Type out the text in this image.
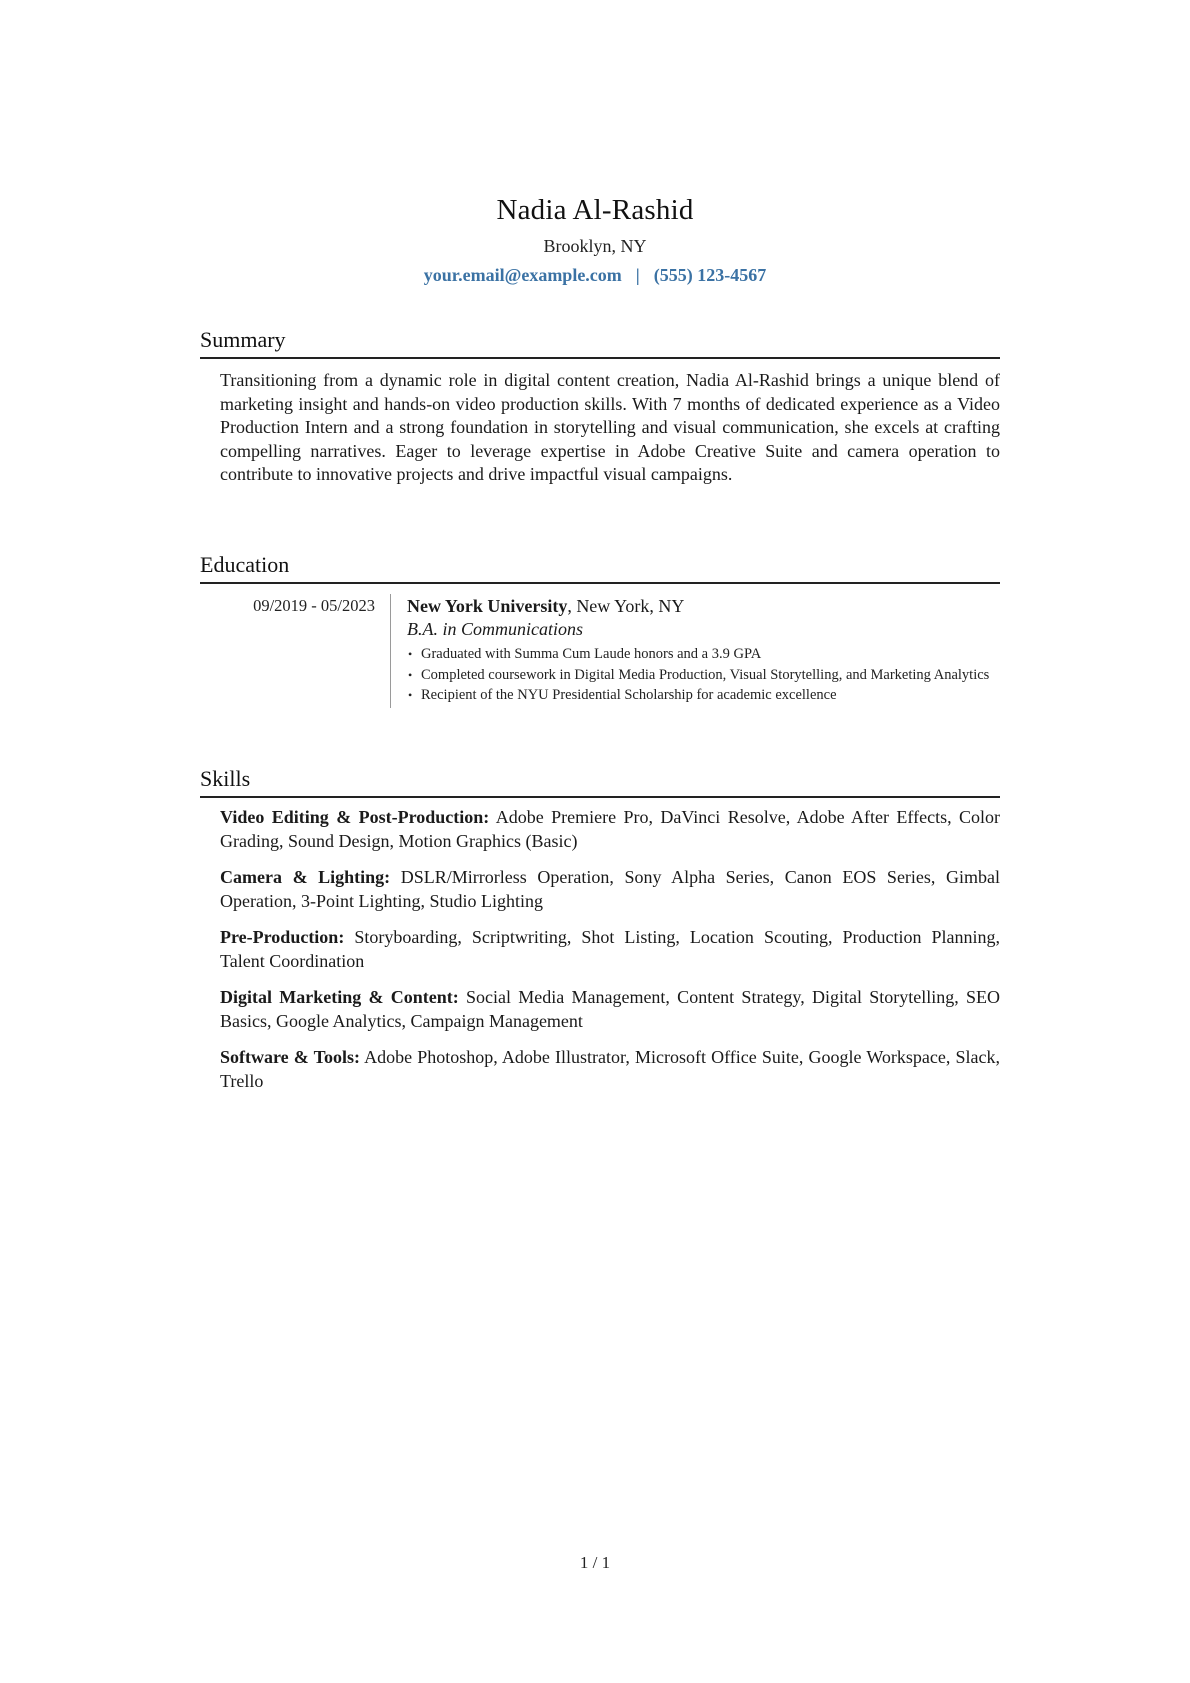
Nadia Al-Rashid
Brooklyn, NY
your.email@example.com | (555) 123-4567
Summary

Transitioning from a dynamic role in digital content creation, Nadia Al-Rashid brings a unique blend of marketing insight and hands-on video production skills. With 7 months of dedicated experience as a Video Production Intern and a strong foundation in storytelling and visual communication, she excels at crafting compelling narratives. Eager to leverage expertise in Adobe Creative Suite and camera operation to contribute to innovative projects and drive impactful visual campaigns.

Education
09/2019 - 05/2023	New York University, New York, NY
B.A. in Communications
• Graduated with Summa Cum Laude honors and a 3.9 GPA
• Completed coursework in Digital Media Production, Visual Storytelling, and Marketing Analytics
• Recipient of the NYU Presidential Scholarship for academic excellence
Skills

Video Editing & Post-Production: Adobe Premiere Pro, DaVinci Resolve, Adobe After Effects, Color Grading, Sound Design, Motion Graphics (Basic)

Camera & Lighting: DSLR/Mirrorless Operation, Sony Alpha Series, Canon EOS Series, Gimbal Operation, 3-Point Lighting, Studio Lighting

Pre-Production: Storyboarding, Scriptwriting, Shot Listing, Location Scouting, Production Planning, Talent Coordination

Digital Marketing & Content: Social Media Management, Content Strategy, Digital Storytelling, SEO Basics, Google Analytics, Campaign Management

Software & Tools: Adobe Photoshop, Adobe Illustrator, Microsoft Office Suite, Google Workspace, Slack, Trello

1 / 1
